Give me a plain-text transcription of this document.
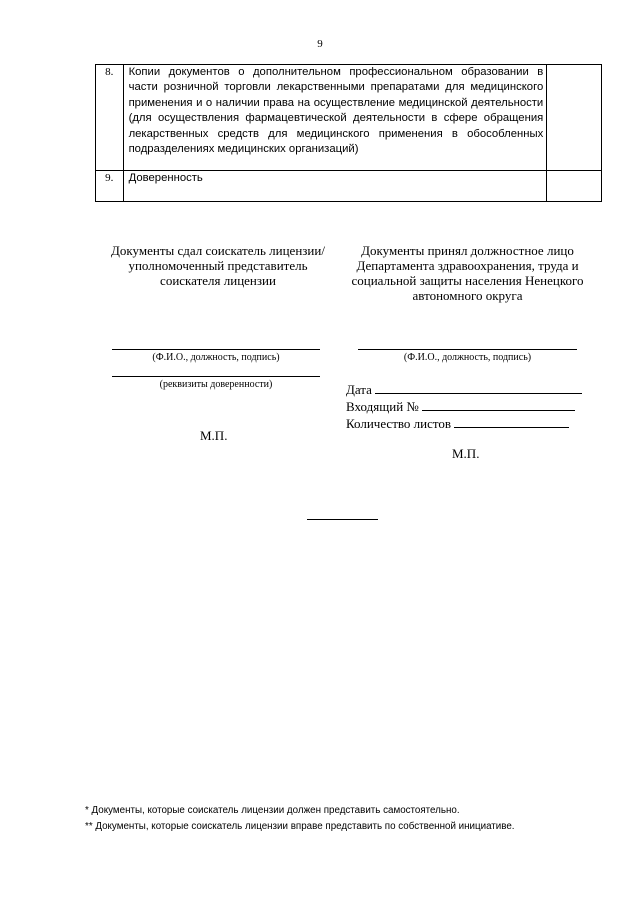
9
8.	Копии документов о дополнительном профессиональном образовании в части розничной торговли лекарственными препаратами для медицинского применения и о наличии права на осуществление медицинской деятельности (для осуществления фармацевтической деятельности в сфере обращения лекарственных средств для медицинского применения в обособленных подразделениях медицинских организаций)	
9.	Доверенность	
Документы сдал соискатель лицензии/уполномоченный представитель соискателя лицензии
(Ф.И.О., должность, подпись)
(реквизиты доверенности)
М.П.
Документы принял должностное лицо Департамента здравоохранения, труда и социальной защиты населения Ненецкого автономного округа
(Ф.И.О., должность, подпись)
Дата
Входящий №
Количество листов
М.П.
* Документы, которые соискатель лицензии должен представить самостоятельно.
** Документы, которые соискатель лицензии вправе представить по собственной инициативе.
